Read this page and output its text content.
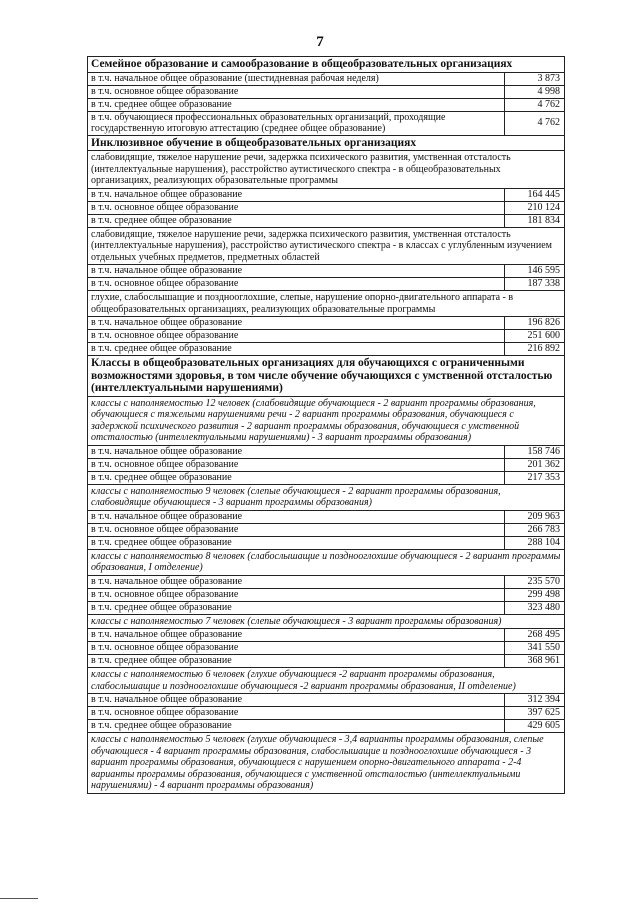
7
Семейное образование и самообразование в общеобразовательных организациях	
в т.ч. начальное общее образование (шестидневная рабочая неделя)	3 873
в т.ч. основное общее образование	4 998
в т.ч. среднее общее образование	4 762
в т.ч. обучающиеся профессиональных образовательных организаций, проходящие государственную итоговую аттестацию (среднее общее образование)	4 762
Инклюзивное обучение в общеобразовательных организациях	
слабовидящие, тяжелое нарушение речи, задержка психического развития, умственная отсталость (интеллектуальные нарушения), расстройство аутистического спектра - в общеобразовательных организациях, реализующих образовательные программы	
в т.ч. начальное общее образование	164 445
в т.ч. основное общее образование	210 124
в т.ч. среднее общее образование	181 834
слабовидящие, тяжелое нарушение речи, задержка психического развития, умственная отсталость (интеллектуальные нарушения), расстройство аутистического спектра - в классах с углубленным изучением отдельных учебных предметов, предметных областей	
в т.ч. начальное общее образование	146 595
в т.ч. основное общее образование	187 338
глухие, слабослышащие и позднооглохшие, слепые, нарушение опорно-двигательного аппарата - в общеобразовательных организациях, реализующих образовательные программы	
в т.ч. начальное общее образование	196 826
в т.ч. основное общее образование	251 600
в т.ч. среднее общее образование	216 892
Классы в общеобразовательных организациях для обучающихся с ограниченными возможностями здоровья, в том числе обучение обучающихся с умственной отсталостью (интеллектуальными нарушениями)	
классы с наполняемостью 12 человек (слабовидящие обучающиеся - 2 вариант программы образования, обучающиеся с тяжелыми нарушениями речи - 2 вариант программы образования, обучающиеся с задержкой психического развития - 2 вариант программы образования, обучающиеся с умственной отсталостью (интеллектуальными нарушениями) - 3 вариант программы образования)	
в т.ч. начальное общее образование	158 746
в т.ч. основное общее образование	201 362
в т.ч. среднее общее образование	217 353
классы с наполняемостью 9 человек (слепые обучающиеся - 2 вариант программы образования, слабовидящие обучающиеся - 3 вариант программы образования)	
в т.ч. начальное общее образование	209 963
в т.ч. основное общее образование	266 783
в т.ч. среднее общее образование	288 104
классы с наполняемостью 8 человек (слабослышащие и позднооглохшие обучающиеся - 2 вариант программы образования, I отделение)	
в т.ч. начальное общее образование	235 570
в т.ч. основное общее образование	299 498
в т.ч. среднее общее образование	323 480
классы с наполняемостью 7 человек (слепые обучающиеся - 3 вариант программы образования)	
в т.ч. начальное общее образование	268 495
в т.ч. основное общее образование	341 550
в т.ч. среднее общее образование	368 961
классы с наполняемостью 6 человек (глухие обучающиеся -2 вариант программы образования, слабослышащие и позднооглохшие обучающиеся -2 вариант программы образования, II отделение)	
в т.ч. начальное общее образование	312 394
в т.ч. основное общее образование	397 625
в т.ч. среднее общее образование	429 605
классы с наполняемостью 5 человек (глухие обучающиеся - 3,4 варианты программы образования, слепые обучающиеся - 4 вариант программы образования, слабослышащие и позднооглохшие обучающиеся - 3 вариант программы образования, обучающиеся с нарушением опорно-двигательного аппарата - 2-4 варианты программы образования, обучающиеся с умственной отсталостью (интеллектуальными нарушениями) - 4 вариант программы образования)	
